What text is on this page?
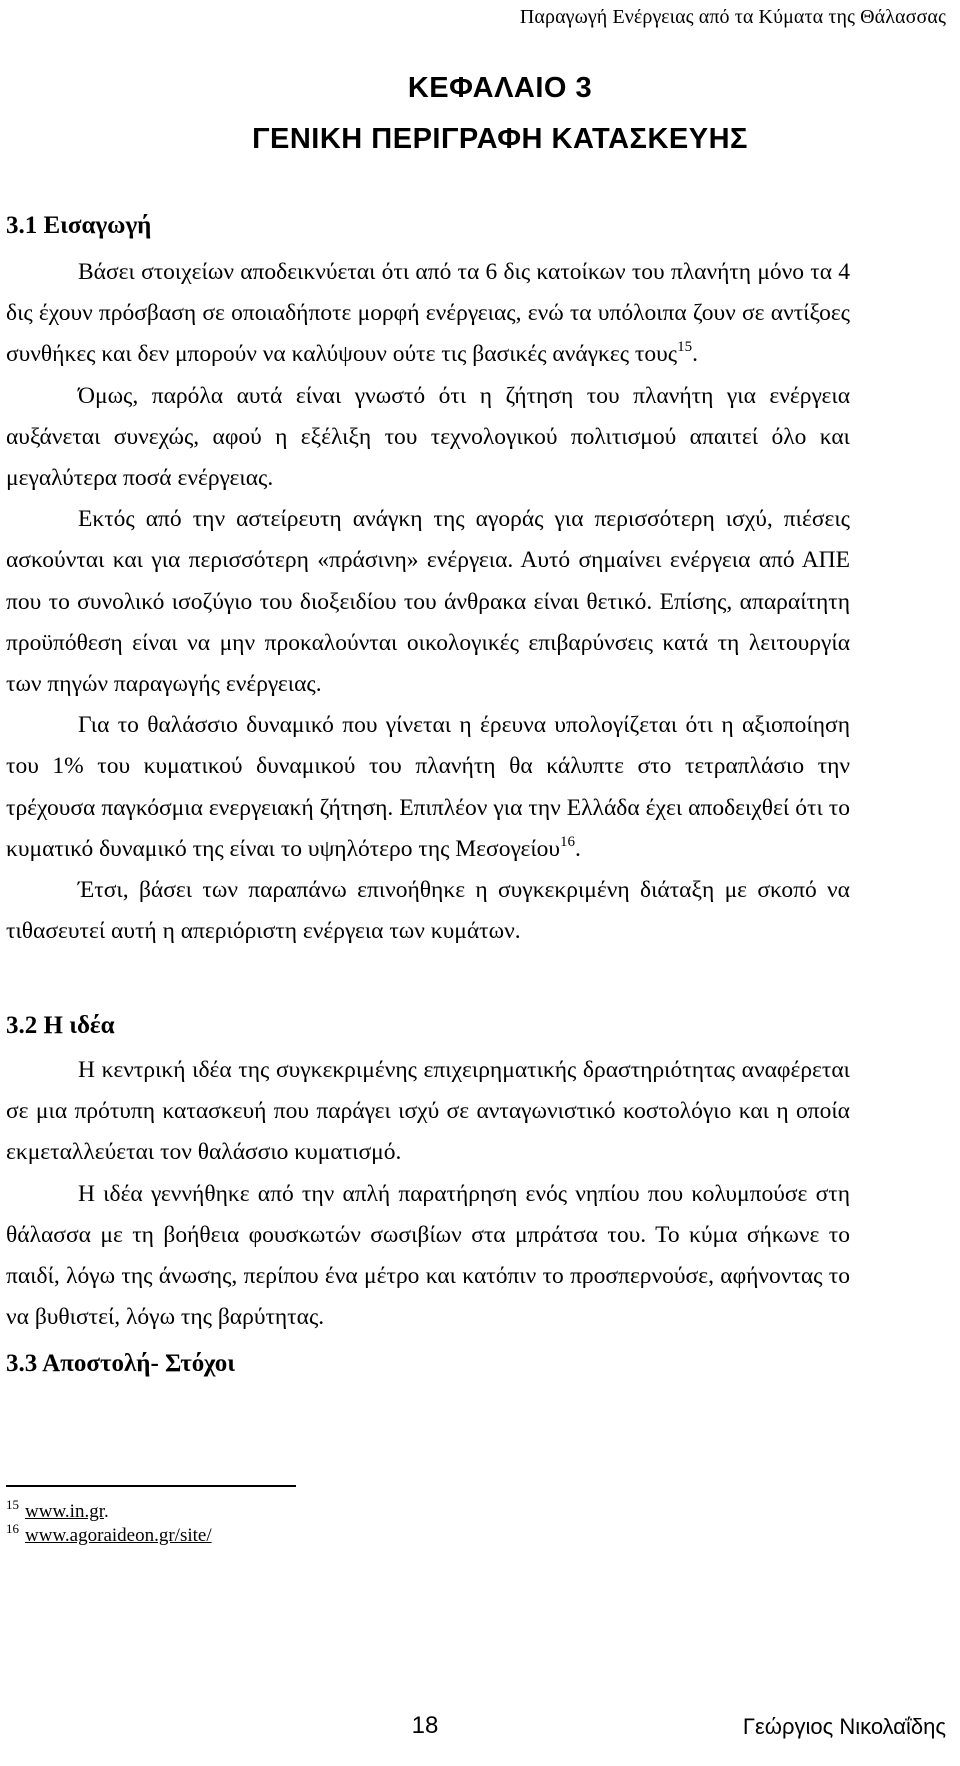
Παραγωγή Ενέργειας από τα Κύματα της Θάλασσας
ΚΕΦΑΛΑΙΟ 3
ΓΕΝΙΚΗ ΠΕΡΙΓΡΑΦΗ ΚΑΤΑΣΚΕΥΗΣ
3.1 Εισαγωγή

Βάσει στοιχείων αποδεικνύεται ότι από τα 6 δις κατοίκων του πλανήτη μόνο τα 4 δις έχουν πρόσβαση σε οποιαδήποτε μορφή ενέργειας, ενώ τα υπόλοιπα ζουν σε αντίξοες συνθήκες και δεν μπορούν να καλύψουν ούτε τις βασικές ανάγκες τους$^{15}$.

Όμως, παρόλα αυτά είναι γνωστό ότι η ζήτηση του πλανήτη για ενέργεια αυξάνεται συνεχώς, αφού η εξέλιξη του τεχνολογικού πολιτισμού απαιτεί όλο και μεγαλύτερα ποσά ενέργειας.

Εκτός από την αστείρευτη ανάγκη της αγοράς για περισσότερη ισχύ, πιέσεις ασκούνται και για περισσότερη «πράσινη» ενέργεια. Αυτό σημαίνει ενέργεια από ΑΠΕ που το συνολικό ισοζύγιο του διοξειδίου του άνθρακα είναι θετικό. Επίσης, απαραίτητη προϋπόθεση είναι να μην προκαλούνται οικολογικές επιβαρύνσεις κατά τη λειτουργία των πηγών παραγωγής ενέργειας.

Για το θαλάσσιο δυναμικό που γίνεται η έρευνα υπολογίζεται ότι η αξιοποίηση του 1% του κυματικού δυναμικού του πλανήτη θα κάλυπτε στο τετραπλάσιο την τρέχουσα παγκόσμια ενεργειακή ζήτηση. Επιπλέον για την Ελλάδα έχει αποδειχθεί ότι το κυματικό δυναμικό της είναι το υψηλότερο της Μεσογείου$^{16}$.

Έτσι, βάσει των παραπάνω επινοήθηκε η συγκεκριμένη διάταξη με σκοπό να τιθασευτεί αυτή η απεριόριστη ενέργεια των κυμάτων.

3.2 Η ιδέα

Η κεντρική ιδέα της συγκεκριμένης επιχειρηματικής δραστηριότητας αναφέρεται σε μια πρότυπη κατασκευή που παράγει ισχύ σε ανταγωνιστικό κοστολόγιο και η οποία εκμεταλλεύεται τον θαλάσσιο κυματισμό.

Η ιδέα γεννήθηκε από την απλή παρατήρηση ενός νηπίου που κολυμπούσε στη θάλασσα με τη βοήθεια φουσκωτών σωσιβίων στα μπράτσα του. Το κύμα σήκωνε το παιδί, λόγω της άνωσης, περίπου ένα μέτρο και κατόπιν το προσπερνούσε, αφήνοντας το να βυθιστεί, λόγω της βαρύτητας.

3.3 Αποστολή- Στόχοι
$^{15}$ www.in.gr.
$^{16}$ www.agoraideon.gr/site/
18	Γεώργιος Νικολαΐδης
